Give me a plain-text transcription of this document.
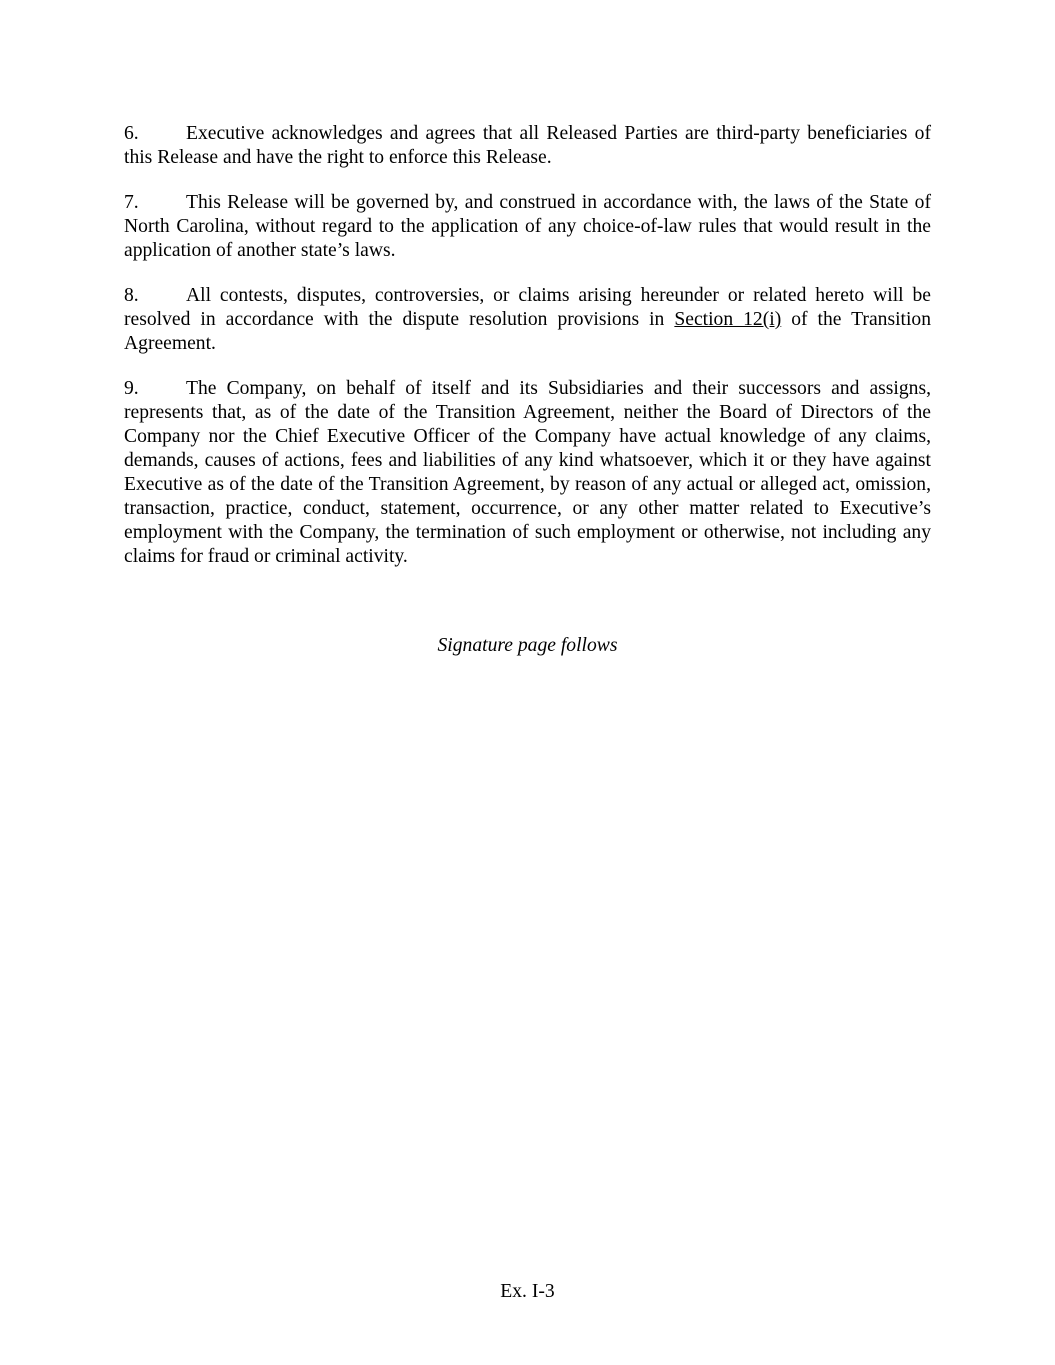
6. Executive acknowledges and agrees that all Released Parties are third-party beneficiaries of this Release and have the right to enforce this Release.

7. This Release will be governed by, and construed in accordance with, the laws of the State of North Carolina, without regard to the application of any choice-of-law rules that would result in the application of another state’s laws.

8. All contests, disputes, controversies, or claims arising hereunder or related hereto will be resolved in accordance with the dispute resolution provisions in Section 12(i) of the Transition Agreement.

9. The Company, on behalf of itself and its Subsidiaries and their successors and assigns, represents that, as of the date of the Transition Agreement, neither the Board of Directors of the Company nor the Chief Executive Officer of the Company have actual knowledge of any claims, demands, causes of actions, fees and liabilities of any kind whatsoever, which it or they have against Executive as of the date of the Transition Agreement, by reason of any actual or alleged act, omission, transaction, practice, conduct, statement, occurrence, or any other matter related to Executive’s employment with the Company, the termination of such employment or otherwise, not including any claims for fraud or criminal activity.

Signature page follows
Ex. I-3
